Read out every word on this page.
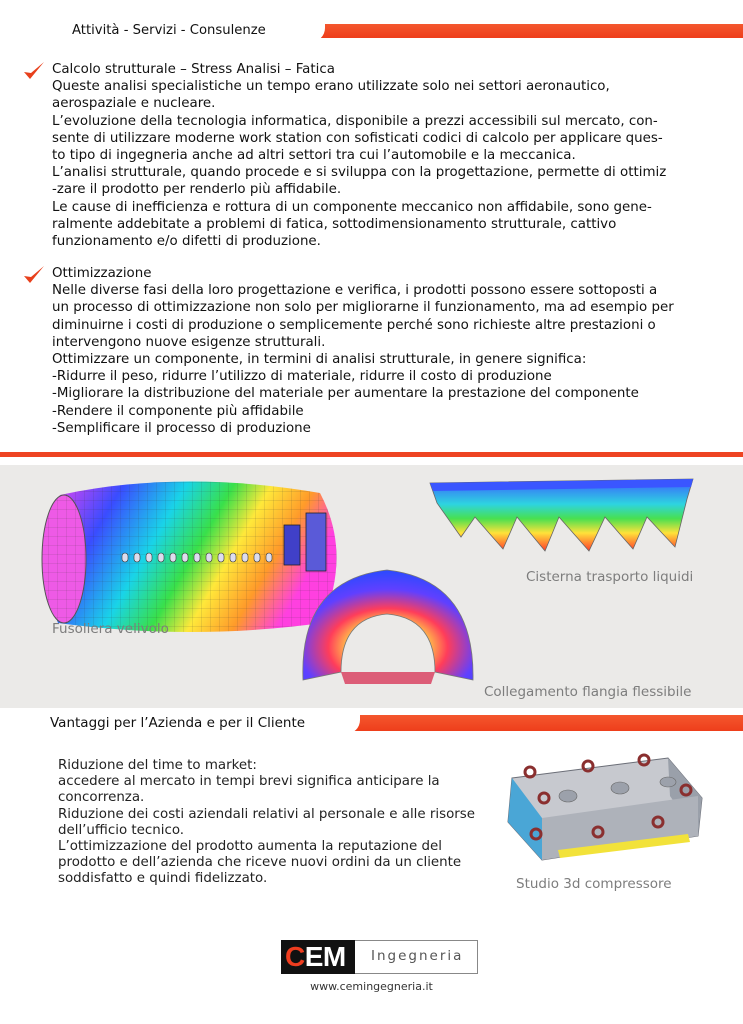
Attività - Servizi - Consulenze
Calcolo strutturale – Stress Analisi – Fatica
Queste analisi specialistiche un tempo erano utilizzate solo nei settori aeronautico,
aerospaziale e nucleare.
L’evoluzione della tecnologia informatica, disponibile a prezzi accessibili sul mercato, con-
sente di utilizzare moderne work station con sofisticati codici di calcolo per applicare ques-
to tipo di ingegneria anche ad altri settori tra cui l’automobile e la meccanica.
L’analisi strutturale, quando procede e si sviluppa con la progettazione, permette di ottimiz
-zare il prodotto per renderlo più affidabile.
Le cause di inefficienza e rottura di un componente meccanico non affidabile, sono gene-
ralmente addebitate a problemi di fatica, sottodimensionamento strutturale, cattivo
funzionamento e/o difetti di produzione.
Ottimizzazione
Nelle diverse fasi della loro progettazione e verifica, i prodotti possono essere sottoposti a
un processo di ottimizzazione non solo per migliorarne il funzionamento, ma ad esempio per
diminuirne i costi di produzione o semplicemente perché sono richieste altre prestazioni o
intervengono nuove esigenze strutturali.
Ottimizzare un componente, in termini di analisi strutturale, in genere significa:
-Ridurre il peso, ridurre l’utilizzo di materiale, ridurre il costo di produzione
-Migliorare la distribuzione del materiale per aumentare la prestazione del componente
-Rendere il componente più affidabile
-Semplificare il processo di produzione
Fusoliera velivolo
Cisterna trasporto liquidi
Collegamento flangia flessibile
Vantaggi per l’Azienda e per il Cliente
Riduzione del time to market:
accedere al mercato in tempi brevi significa anticipare la
concorrenza.
Riduzione dei costi aziendali relativi al personale e alle risorse
dell’ufficio tecnico.
L’ottimizzazione del prodotto aumenta la reputazione del
prodotto e dell’azienda che riceve nuovi ordini da un cliente
soddisfatto e quindi fidelizzato.	Studio 3d compressore
CEM Ingegneria
www.cemingegneria.it
